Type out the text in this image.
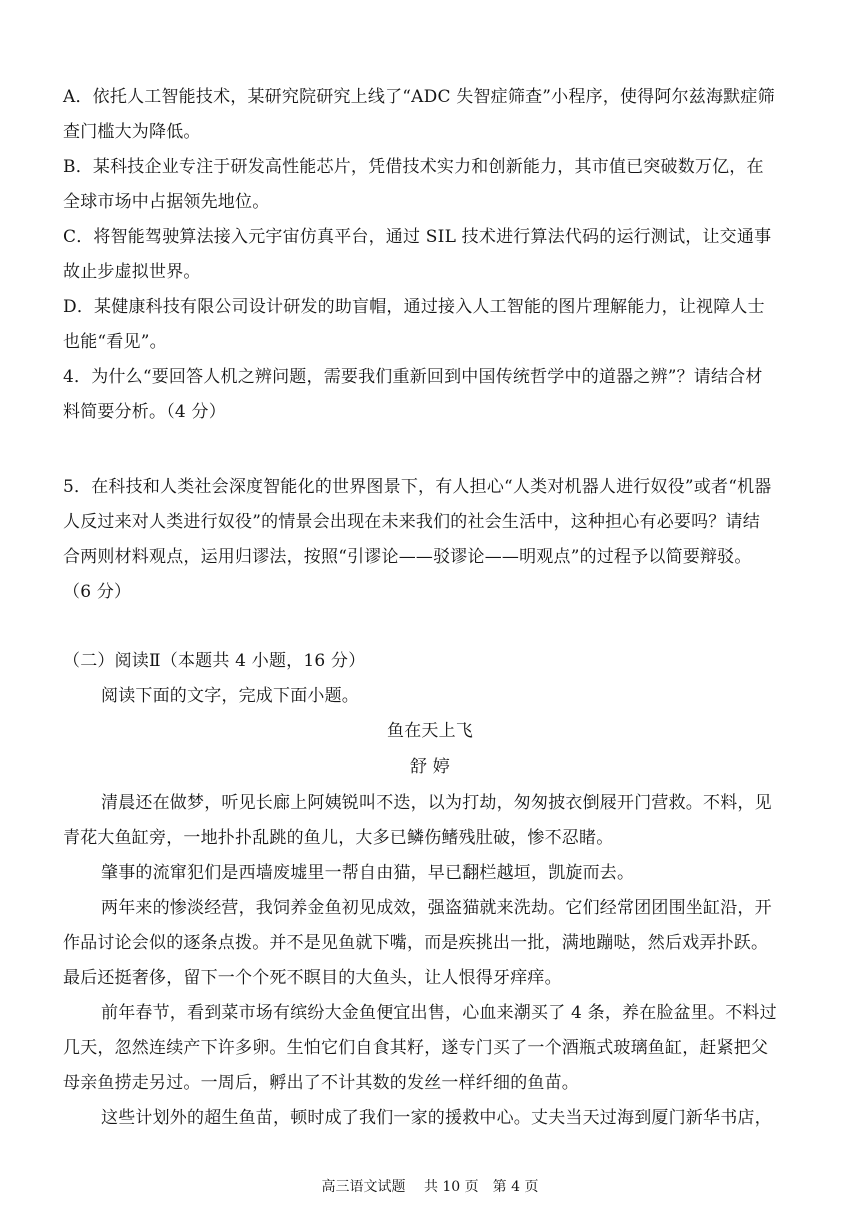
A．依托人工智能技术，某研究院研究上线了“ADC 失智症筛查”小程序，使得阿尔兹海默症筛
查门槛大为降低。
B．某科技企业专注于研发高性能芯片，凭借技术实力和创新能力，其市值已突破数万亿，在
全球市场中占据领先地位。
C．将智能驾驶算法接入元宇宙仿真平台，通过 SIL 技术进行算法代码的运行测试，让交通事
故止步虚拟世界。
D．某健康科技有限公司设计研发的助盲帽，通过接入人工智能的图片理解能力，让视障人士
也能“看见”。
4．为什么“要回答人机之辨问题，需要我们重新回到中国传统哲学中的道器之辨”？请结合材
料简要分析。（4 分）
5．在科技和人类社会深度智能化的世界图景下，有人担心“人类对机器人进行奴役”或者“机器
人反过来对人类进行奴役”的情景会出现在未来我们的社会生活中，这种担心有必要吗？请结
合两则材料观点，运用归谬法，按照“引谬论——驳谬论——明观点”的过程予以简要辩驳。
（6 分）
（二）阅读Ⅱ（本题共 4 小题，16 分）
阅读下面的文字，完成下面小题。
鱼在天上飞
舒 婷
清晨还在做梦，听见长廊上阿姨锐叫不迭，以为打劫，匆匆披衣倒屐开门营救。不料，见
青花大鱼缸旁，一地扑扑乱跳的鱼儿，大多已鳞伤鳍残肚破，惨不忍睹。
肇事的流窜犯们是西墙废墟里一帮自由猫，早已翻栏越垣，凯旋而去。
两年来的惨淡经营，我饲养金鱼初见成效，强盗猫就来洗劫。它们经常团团围坐缸沿，开
作品讨论会似的逐条点拨。并不是见鱼就下嘴，而是疾挑出一批，满地蹦哒，然后戏弄扑跃。
最后还挺奢侈，留下一个个死不瞑目的大鱼头，让人恨得牙痒痒。
前年春节，看到菜市场有缤纷大金鱼便宜出售，心血来潮买了 4 条，养在脸盆里。不料过
几天，忽然连续产下许多卵。生怕它们自食其籽，遂专门买了一个酒瓶式玻璃鱼缸，赶紧把父
母亲鱼捞走另过。一周后，孵出了不计其数的发丝一样纤细的鱼苗。
这些计划外的超生鱼苗，顿时成了我们一家的援救中心。丈夫当天过海到厦门新华书店，
高三语文试题　 共 10 页　第 4 页
